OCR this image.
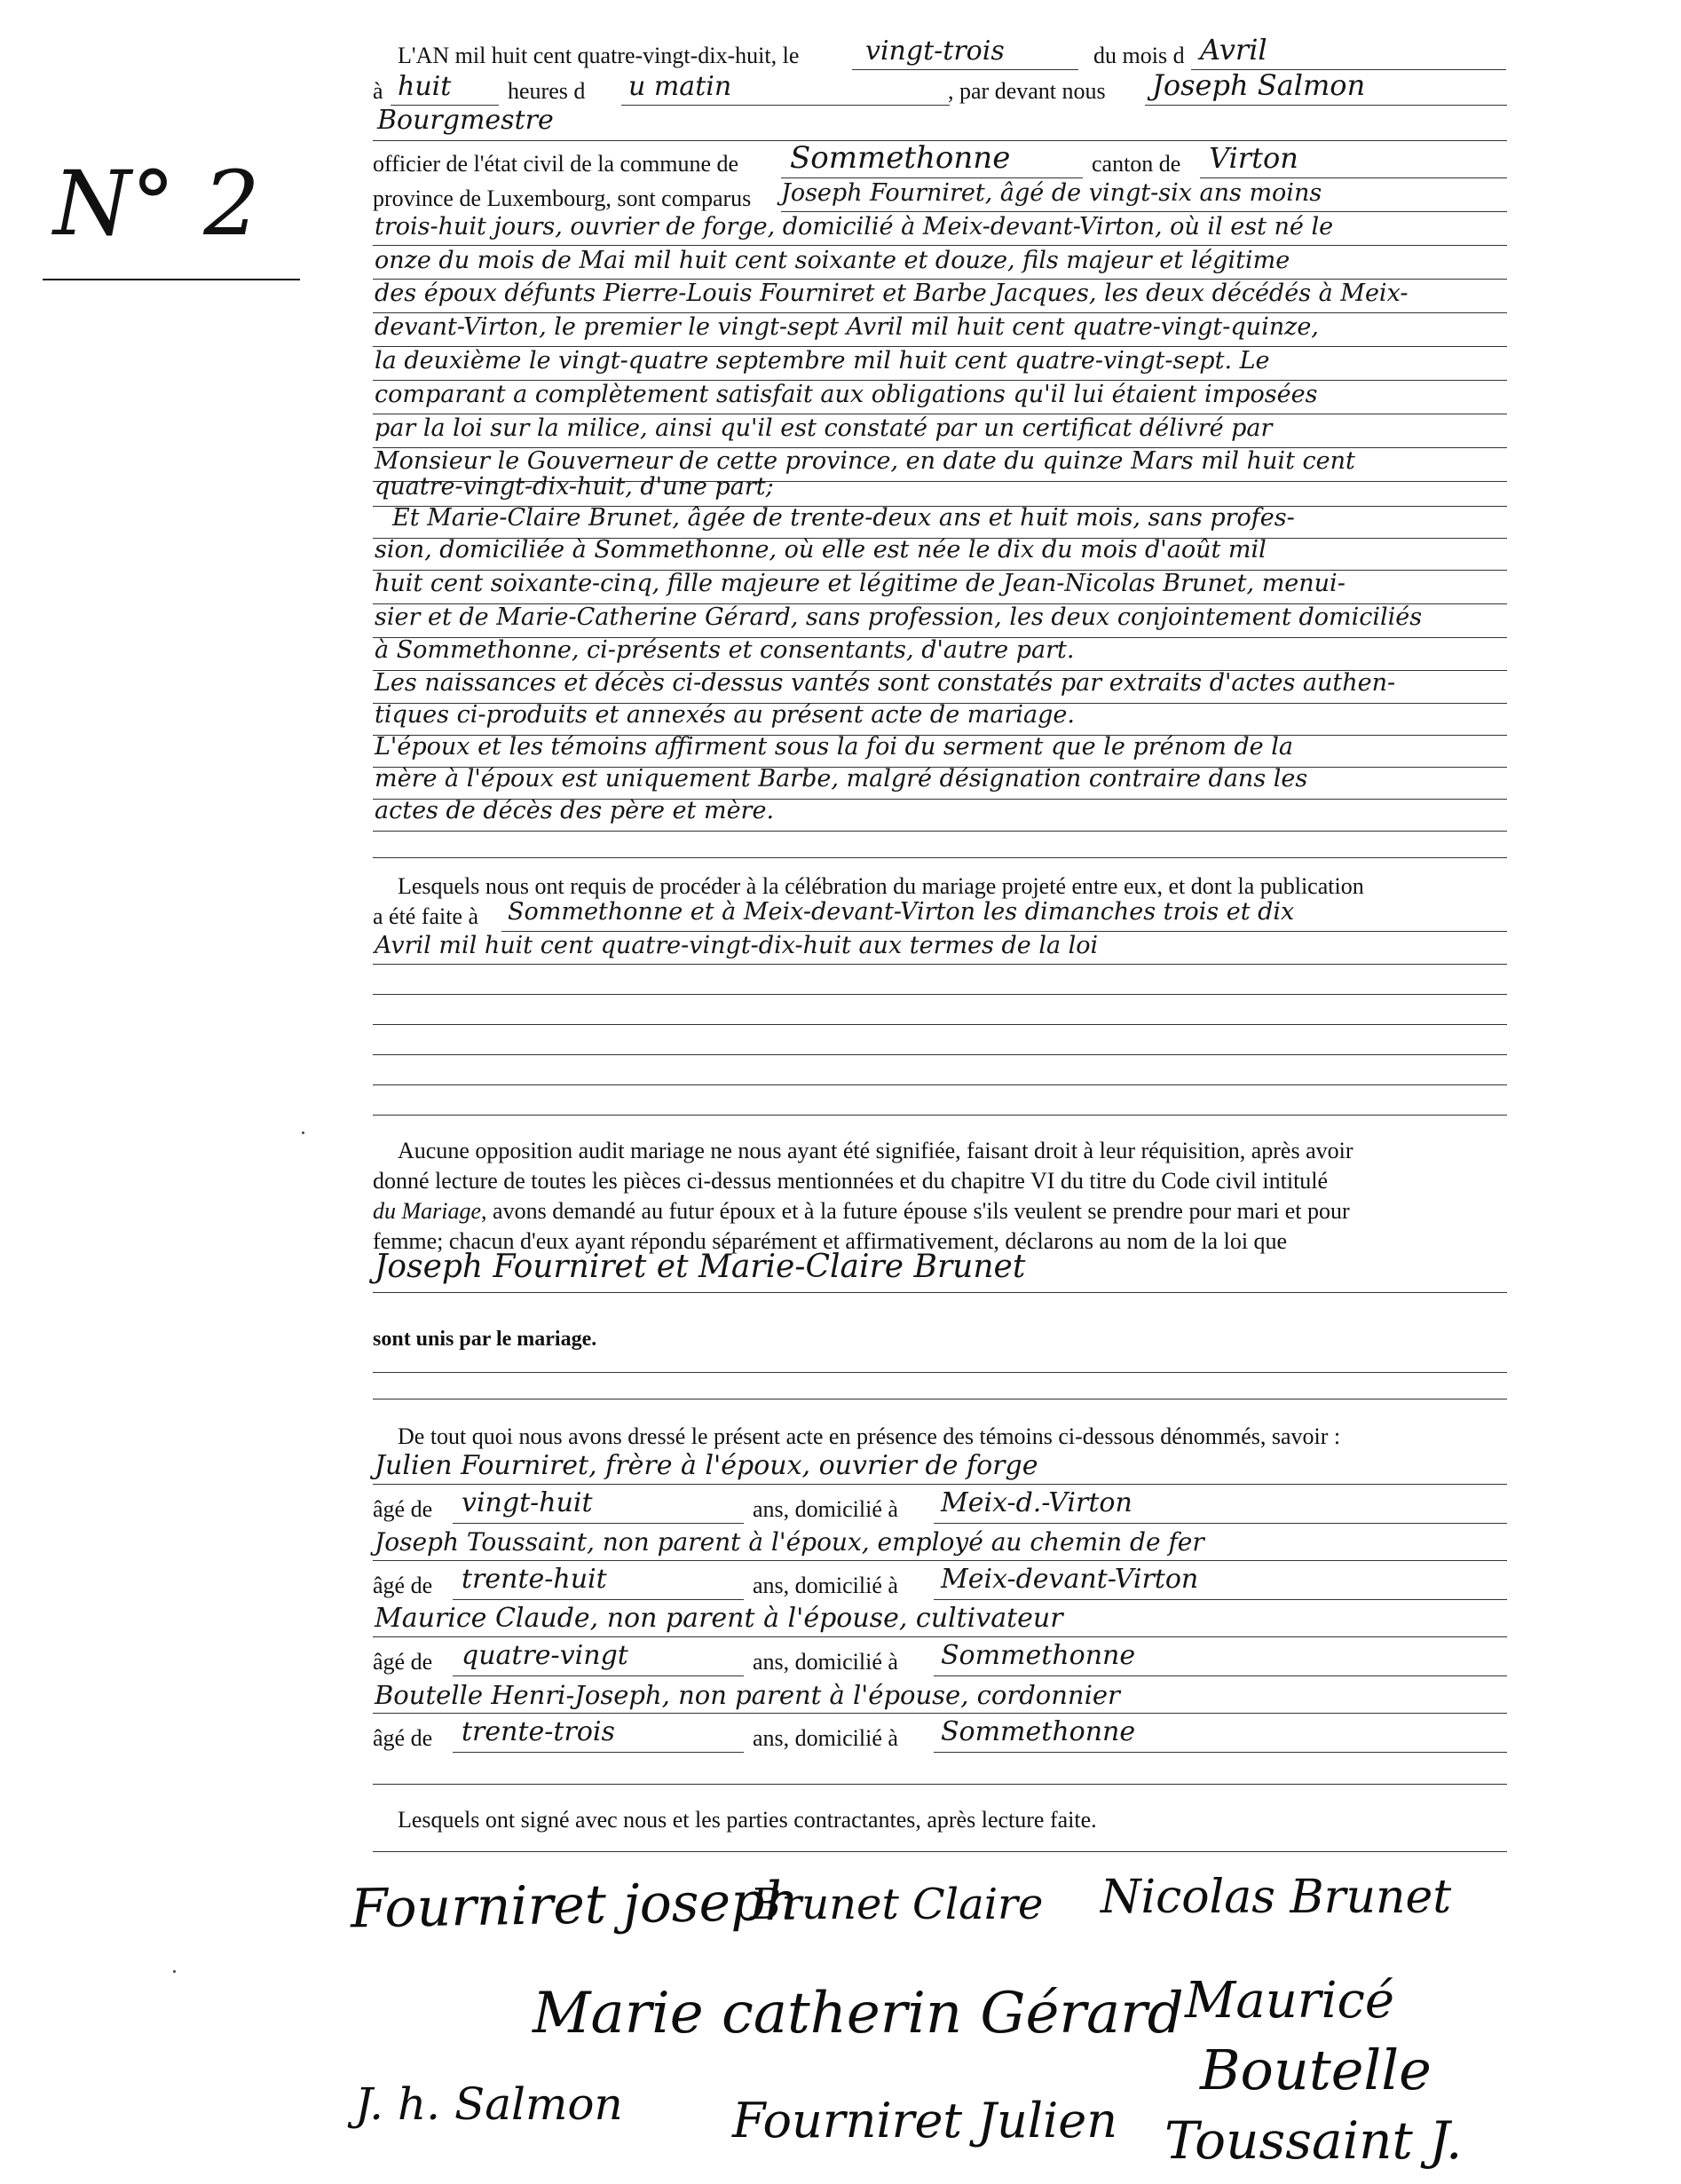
N° 2
L'AN mil huit cent quatre-vingt-dix-huit, le vingt-trois	du mois d Avril
à huit heures d u matin	, par devant nous Joseph Salmon
Bourgmestre
officier de l'état civil de la commune de Sommethonne	canton de Virton
province de Luxembourg, sont comparus Joseph Fourniret, âgé de vingt-six ans moins
trois-huit jours, ouvrier de forge, domicilié à Meix-devant-Virton, où il est né le
onze du mois de Mai mil huit cent soixante et douze, fils majeur et légitime
des époux défunts Pierre-Louis Fourniret et Barbe Jacques, les deux décédés à Meix-
devant-Virton, le premier le vingt-sept Avril mil huit cent quatre-vingt-quinze,
la deuxième le vingt-quatre septembre mil huit cent quatre-vingt-sept. Le
comparant a complètement satisfait aux obligations qu'il lui étaient imposées
par la loi sur la milice, ainsi qu'il est constaté par un certificat délivré par
Monsieur le Gouverneur de cette province, en date du quinze Mars mil huit cent
quatre-vingt-dix-huit, d'une part;
Et Marie-Claire Brunet, âgée de trente-deux ans et huit mois, sans profes-
sion, domiciliée à Sommethonne, où elle est née le dix du mois d'août mil
huit cent soixante-cinq, fille majeure et légitime de Jean-Nicolas Brunet, menui-
sier et de Marie-Catherine Gérard, sans profession, les deux conjointement domiciliés
à Sommethonne, ci-présents et consentants, d'autre part.
Les naissances et décès ci-dessus vantés sont constatés par extraits d'actes authen-
tiques ci-produits et annexés au présent acte de mariage.
L'époux et les témoins affirment sous la foi du serment que le prénom de la
mère à l'époux est uniquement Barbe, malgré désignation contraire dans les
actes de décès des père et mère.
Lesquels nous ont requis de procéder à la célébration du mariage projeté entre eux, et dont la publication
a été faite à Sommethonne et à Meix-devant-Virton les dimanches trois et dix
Avril mil huit cent quatre-vingt-dix-huit aux termes de la loi
Aucune opposition audit mariage ne nous ayant été signifiée, faisant droit à leur réquisition, après avoir
donné lecture de toutes les pièces ci-dessus mentionnées et du chapitre VI du titre du Code civil intitulé
du Mariage, avons demandé au futur époux et à la future épouse s'ils veulent se prendre pour mari et pour
femme; chacun d'eux ayant répondu séparément et affirmativement, déclarons au nom de la loi que
Joseph Fourniret et Marie-Claire Brunet
sont unis par le mariage.
De tout quoi nous avons dressé le présent acte en présence des témoins ci-dessous dénommés, savoir :
Julien Fourniret, frère à l'époux, ouvrier de forge
âgé de vingt-huit	ans, domicilié à Meix-d.-Virton
Joseph Toussaint, non parent à l'époux, employé au chemin de fer
âgé de trente-huit	ans, domicilié à Meix-devant-Virton
Maurice Claude, non parent à l'épouse, cultivateur
âgé de quatre-vingt	ans, domicilié à Sommethonne
Boutelle Henri-Joseph, non parent à l'épouse, cordonnier
âgé de trente-trois	ans, domicilié à Sommethonne
Lesquels ont signé avec nous et les parties contractantes, après lecture faite.
Fourniret joseph
Brunet Claire Nicolas Brunet
Marie catherin Gérard Mauricé
J. h. Salmon Fourniret Julien
Boutelle
Toussaint J.
